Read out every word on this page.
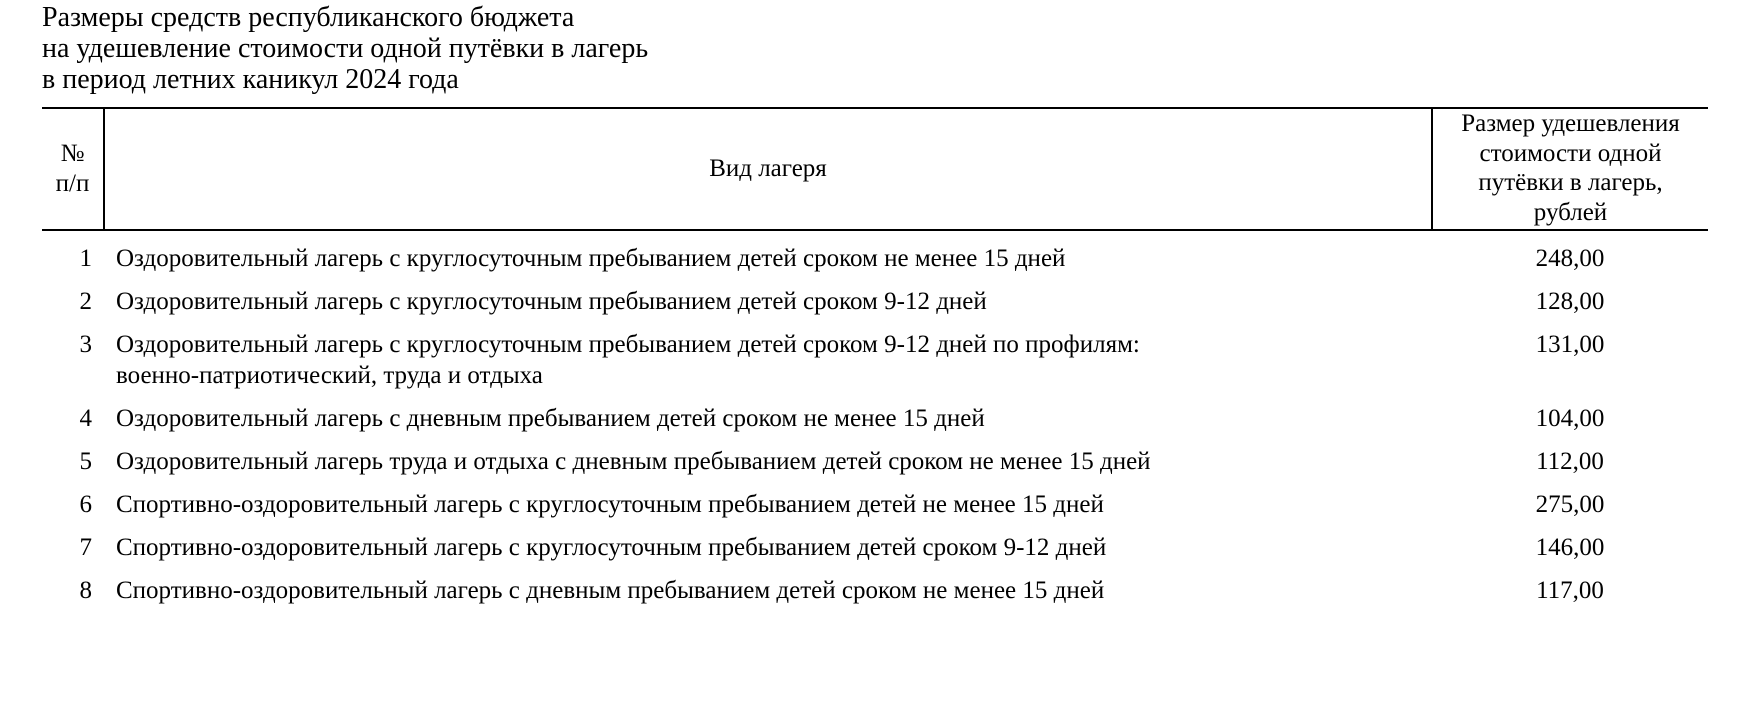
Размеры средств республиканского бюджета
на удешевление стоимости одной путёвки в лагерь
в период летних каникул 2024 года
№
п/п	Вид лагеря	Размер удешевления
стоимости одной
путёвки в лагерь,
рублей

1	Оздоровительный лагерь с круглосуточным пребыванием детей сроком не менее 15 дней	248,00
2	Оздоровительный лагерь с круглосуточным пребыванием детей сроком 9-12 дней	128,00
3	Оздоровительный лагерь с круглосуточным пребыванием детей сроком 9-12 дней по профилям:
военно-патриотический, труда и отдыха	131,00
4	Оздоровительный лагерь с дневным пребыванием детей сроком не менее 15 дней	104,00
5	Оздоровительный лагерь труда и отдыха с дневным пребыванием детей сроком не менее 15 дней	112,00
6	Спортивно-оздоровительный лагерь с круглосуточным пребыванием детей не менее 15 дней	275,00
7	Спортивно-оздоровительный лагерь с круглосуточным пребыванием детей сроком 9-12 дней	146,00
8	Спортивно-оздоровительный лагерь с дневным пребыванием детей сроком не менее 15 дней	117,00
